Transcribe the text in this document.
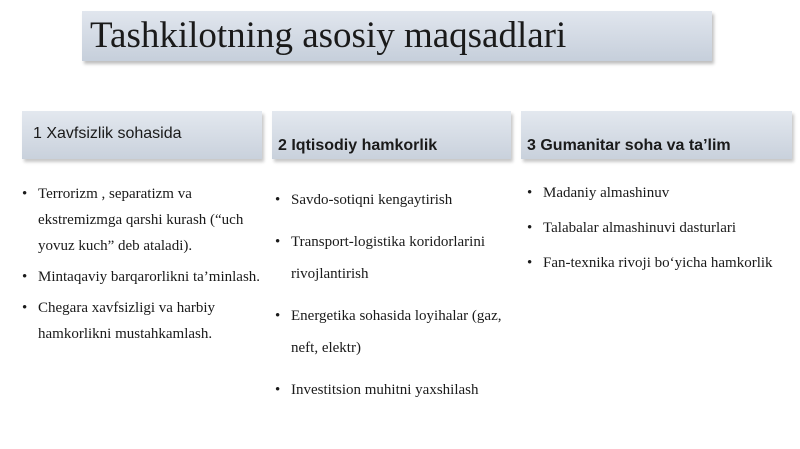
Tashkilotning asosiy maqsadlari
1 Xavfsizlik sohasida
2 Iqtisodiy hamkorlik	3 Gumanitar soha va ta’lim
• Terrorizm , separatizm va ekstremizmga qarshi kurash (“uch yovuz kuch” deb ataladi).
• Mintaqaviy barqarorlikni ta’minlash.
• Chegara xavfsizligi va harbiy hamkorlikni mustahkamlash.
• Savdo-sotiqni kengaytirish
• Transport-logistika koridorlarini rivojlantirish
• Energetika sohasida loyihalar (gaz, neft, elektr)
• Investitsion muhitni yaxshilash
• Madaniy almashinuv
• Talabalar almashinuvi dasturlari
• Fan-texnika rivoji bo‘yicha hamkorlik
